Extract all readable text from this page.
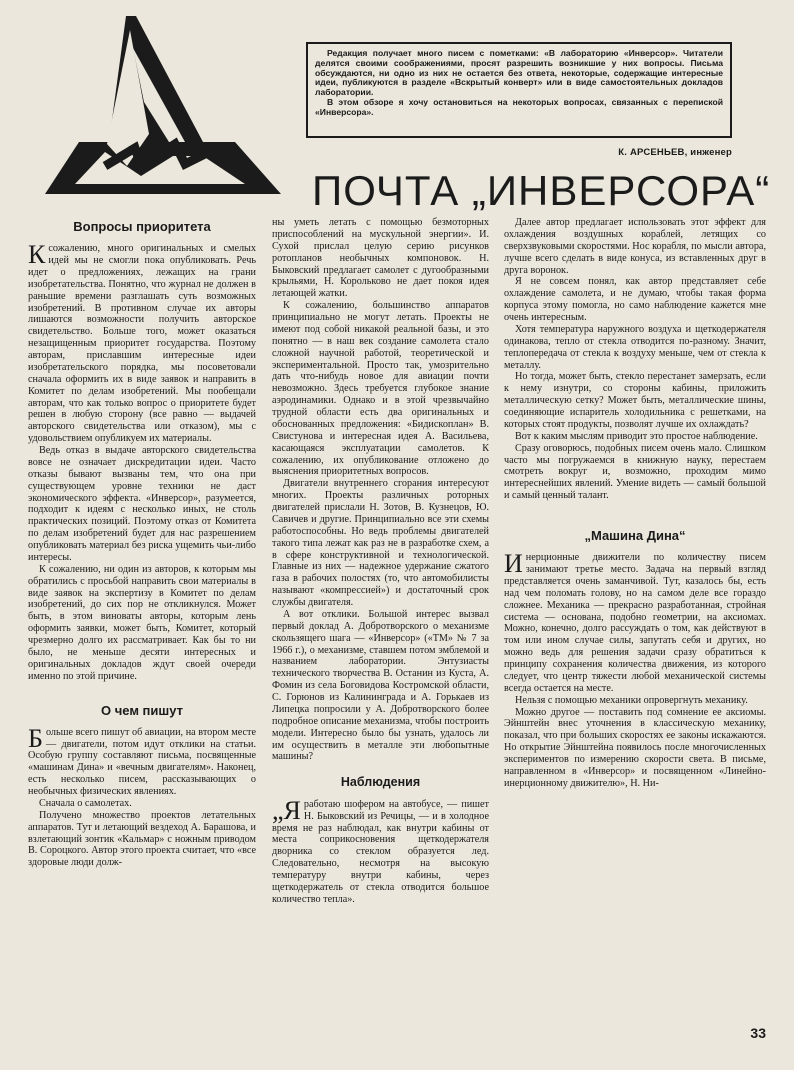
Редакция получает много писем с пометками: «В лабораторию «Инверсор». Читатели делятся своими соображениями, просят разрешить возникшие у них вопросы. Письма обсуждаются, ни одно из них не остается без ответа, некоторые, содержащие интересные идеи, публикуются в разделе «Вскрытый конверт» или в виде самостоятельных докладов лаборатории.

В этом обзоре я хочу остановиться на некоторых вопросах, связанных с перепиской «Инверсора».

К. АРСЕНЬЕВ, инженер
ПОЧТА „ИНВЕРСОРА“
Вопросы приоритета

Ксожалению, много оригинальных и смелых идей мы не смогли пока опубликовать. Речь идет о предложениях, лежащих на грани изобретательства. Понятно, что журнал не должен в раньшие времени разглашать суть возможных изобретений. В противном случае их авторы лишаются возможности получить авторское свидетельство. Больше того, может оказаться незащищенным приоритет государства. Поэтому авторам, приславшим интересные идеи изобретательского порядка, мы посоветовали сначала оформить их в виде заявок и направить в Комитет по делам изобретений. Мы пообещали авторам, что как только вопрос о приоритете будет решен в любую сторону (все равно — выдачей авторского свидетельства или отказом), мы с удовольствием опубликуем их материалы.

Ведь отказ в выдаче авторского свидетельства вовсе не означает дискредитации идеи. Часто отказы бывают вызваны тем, что она при существующем уровне техники не даст экономического эффекта. «Инверсор», разумеется, подходит к идеям с несколько иных, не столь практических позиций. Поэтому отказ от Комитета по делам изобретений будет для нас разрешением опубликовать материал без риска ущемить чьи-либо интересы.

К сожалению, ни один из авторов, к которым мы обратились с просьбой направить свои материалы в виде заявок на экспертизу в Комитет по делам изобретений, до сих пор не откликнулся. Может быть, в этом виноваты авторы, которым лень оформить заявки, может быть, Комитет, который чрезмерно долго их рассматривает. Как бы то ни было, не меньше десяти интересных и оригинальных докладов ждут своей очереди именно по этой причине.

О чем пишут

Больше всего пишут об авиации, на втором месте — двигатели, потом идут отклики на статьи. Особую группу составляют письма, посвященные «машинам Дина» и «вечным двигателям». Наконец, есть несколько писем, рассказывающих о необычных физических явлениях.

Сначала о самолетах.

Получено множество проектов летательных аппаратов. Тут и летающий вездеход А. Барашова, и взлетающий зонтик «Кальмар» с ножным приводом В. Сороцкого. Автор этого проекта считает, что «все здоровые люди долж-

ны уметь летать с помощью безмоторных приспособлений на мускульной энергии». И. Сухой прислал целую серию рисунков ротопланов необычных компоновок. Н. Быковский предлагает самолет с дугообразными крыльями, Н. Корольково не дает покоя идея летающей жатки.

К сожалению, большинство аппаратов принципиально не могут летать. Проекты не имеют под собой никакой реальной базы, и это понятно — в наш век создание самолета стало сложной научной работой, теоретической и экспериментальной. Просто так, умозрительно дать что-нибудь новое для авиации почти невозможно. Здесь требуется глубокое знание аэродинамики. Однако и в этой чрезвычайно трудной области есть два оригинальных и обоснованных предложения: «Бидископлан» В. Свистунова и интересная идея А. Васильева, касающаяся эксплуатации самолетов. К сожалению, их опубликование отложено до выяснения приоритетных вопросов.

Двигатели внутреннего сгорания интересуют многих. Проекты различных роторных двигателей прислали Н. Зотов, В. Кузнецов, Ю. Савичев и другие. Принципиально все эти схемы работоспособны. Но ведь проблемы двигателей такого типа лежат как раз не в разработке схем, а в сфере конструктивной и технологической. Главные из них — надежное удержание сжатого газа в рабочих полостях (то, что автомобилисты называют «компрессией») и достаточный срок службы двигателя.

А вот отклики. Большой интерес вызвал первый доклад А. Добротворского о механизме скользящего шага — «Инверсор» («ТМ» № 7 за 1966 г.), о механизме, ставшем потом эмблемой и названием лаборатории. Энтузиасты технического творчества В. Останин из Куста, А. Фомин из села Боговидова Костромской области, С. Горюнов из Калининграда и А. Горькаев из Липецка попросили у А. Добротворского более подробное описание механизма, чтобы построить модели. Интересно было бы узнать, удалось ли им осуществить в металле эти любопытные машины?

Наблюдения

„Яработаю шофером на автобусе, — пишет Н. Быковский из Речицы, — и в холодное время не раз наблюдал, как внутри кабины от места соприкосновения щеткодержателя дворника со стеклом образуется лед. Следовательно, несмотря на высокую температуру внутри кабины, через щеткодержатель от стекла отводится большое количество тепла».

Далее автор предлагает использовать этот эффект для охлаждения воздушных кораблей, летящих со сверхзвуковыми скоростями. Нос корабля, по мысли автора, лучше всего сделать в виде конуса, из вставленных друг в друга воронок.

Я не совсем понял, как автор представляет себе охлаждение самолета, и не думаю, чтобы такая форма корпуса этому помогла, но само наблюдение кажется мне очень интересным.

Хотя температура наружного воздуха и щеткодержателя одинакова, тепло от стекла отводится по-разному. Значит, теплопередача от стекла к воздуху меньше, чем от стекла к металлу.

Но тогда, может быть, стекло перестанет замерзать, если к нему изнутри, со стороны кабины, приложить металлическую сетку? Может быть, металлические шины, соединяющие испаритель холодильника с решетками, на которых стоят продукты, позволят лучше их охлаждать?

Вот к каким мыслям приводит это простое наблюдение.

Сразу оговорюсь, подобных писем очень мало. Слишком часто мы погружаемся в книжную науку, перестаем смотреть вокруг и, возможно, проходим мимо интереснейших явлений. Умение видеть — самый большой и самый ценный талант.

„Машина Дина“

Инерционные движители по количеству писем занимают третье место. Задача на первый взгляд представляется очень заманчивой. Тут, казалось бы, есть над чем поломать голову, но на самом деле все гораздо сложнее. Механика — прекрасно разработанная, стройная система — основана, подобно геометрии, на аксиомах. Можно, конечно, долго рассуждать о том, как действуют в том или ином случае силы, запутать себя и других, но можно ведь для решения задачи сразу обратиться к принципу сохранения количества движения, из которого следует, что центр тяжести любой механической системы всегда остается на месте.

Нельзя с помощью механики опровергнуть механику.

Можно другое — поставить под сомнение ее аксиомы. Эйнштейн внес уточнения в классическую механику, показал, что при больших скоростях ее законы искажаются. Но открытие Эйнштейна появилось после многочисленных экспериментов по измерению скорости света. В письме, направленном в «Инверсор» и посвященном «Линейно-инерционному движителю», Н. Ни-

33
